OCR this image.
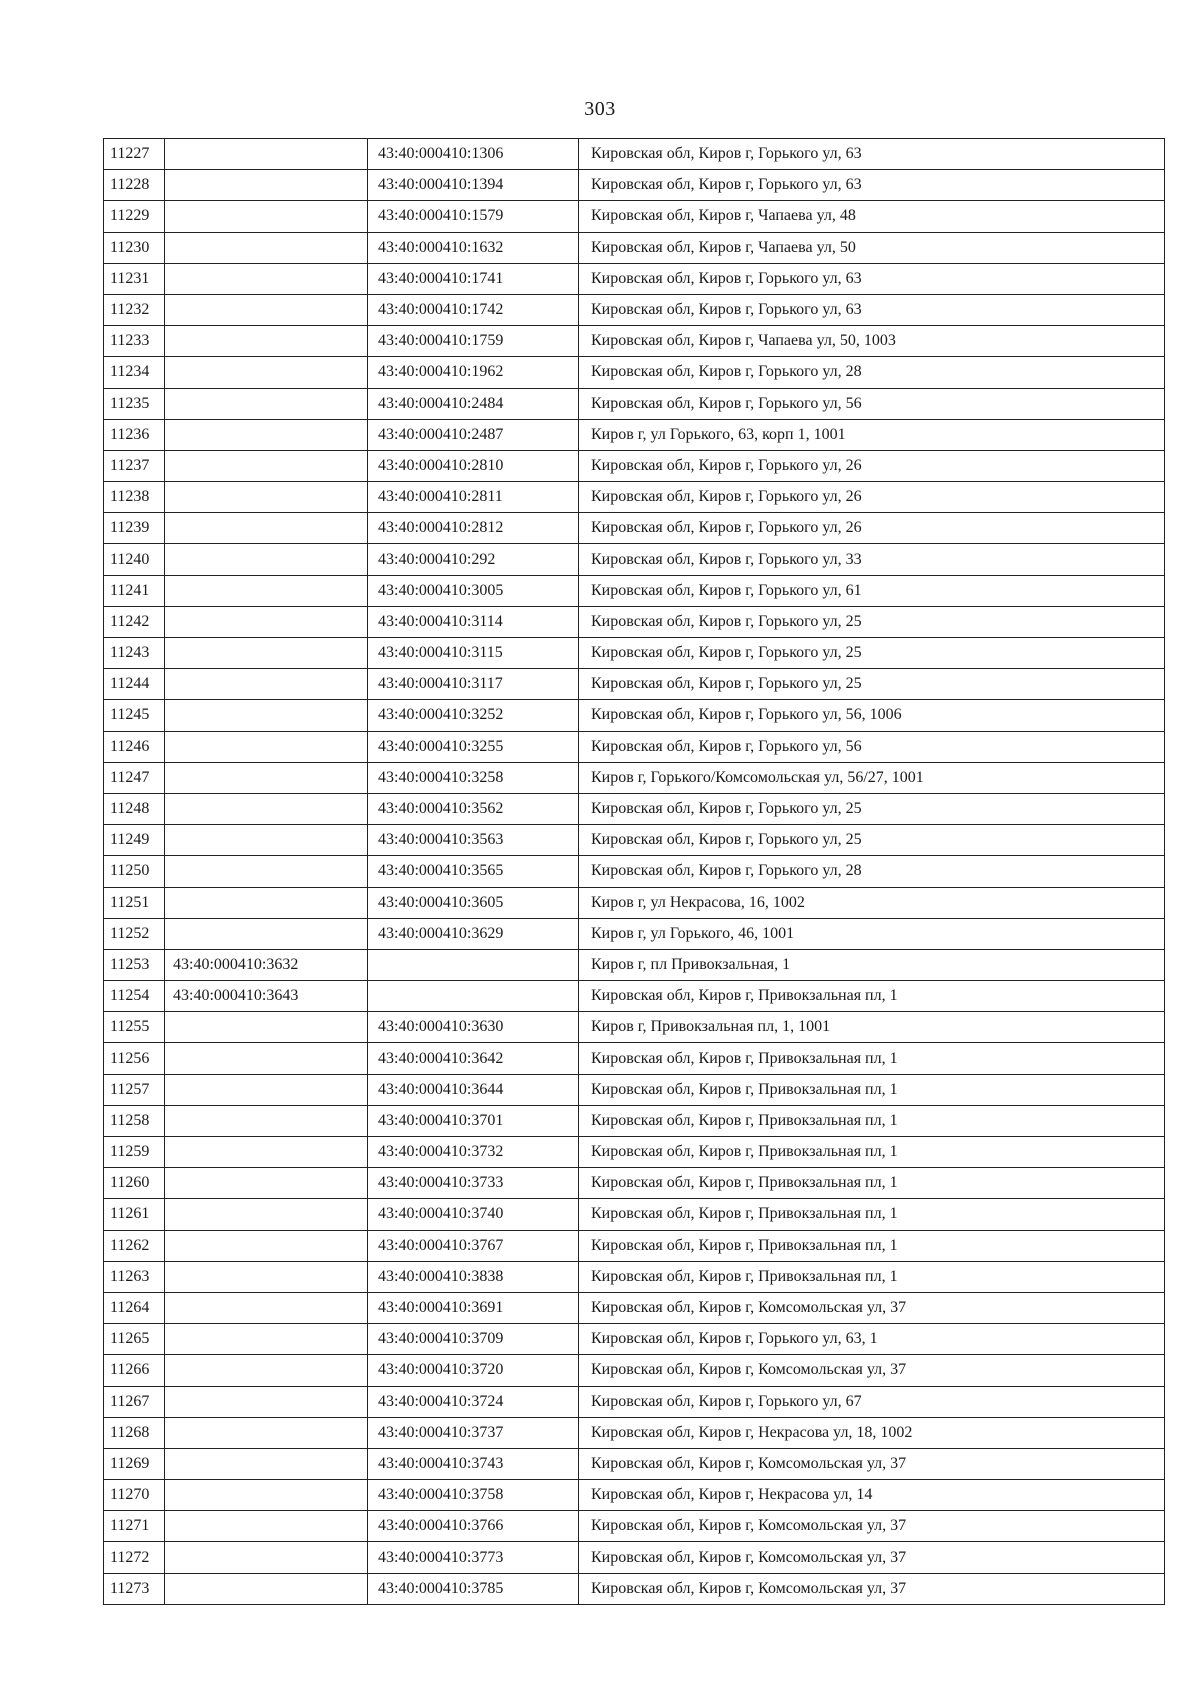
303
11227		43:40:000410:1306	Кировская обл, Киров г, Горького ул, 63
11228		43:40:000410:1394	Кировская обл, Киров г, Горького ул, 63
11229		43:40:000410:1579	Кировская обл, Киров г, Чапаева ул, 48
11230		43:40:000410:1632	Кировская обл, Киров г, Чапаева ул, 50
11231		43:40:000410:1741	Кировская обл, Киров г, Горького ул, 63
11232		43:40:000410:1742	Кировская обл, Киров г, Горького ул, 63
11233		43:40:000410:1759	Кировская обл, Киров г, Чапаева ул, 50, 1003
11234		43:40:000410:1962	Кировская обл, Киров г, Горького ул, 28
11235		43:40:000410:2484	Кировская обл, Киров г, Горького ул, 56
11236		43:40:000410:2487	Киров г, ул Горького, 63, корп 1, 1001
11237		43:40:000410:2810	Кировская обл, Киров г, Горького ул, 26
11238		43:40:000410:2811	Кировская обл, Киров г, Горького ул, 26
11239		43:40:000410:2812	Кировская обл, Киров г, Горького ул, 26
11240		43:40:000410:292	Кировская обл, Киров г, Горького ул, 33
11241		43:40:000410:3005	Кировская обл, Киров г, Горького ул, 61
11242		43:40:000410:3114	Кировская обл, Киров г, Горького ул, 25
11243		43:40:000410:3115	Кировская обл, Киров г, Горького ул, 25
11244		43:40:000410:3117	Кировская обл, Киров г, Горького ул, 25
11245		43:40:000410:3252	Кировская обл, Киров г, Горького ул, 56, 1006
11246		43:40:000410:3255	Кировская обл, Киров г, Горького ул, 56
11247		43:40:000410:3258	Киров г, Горького/Комсомольская ул, 56/27, 1001
11248		43:40:000410:3562	Кировская обл, Киров г, Горького ул, 25
11249		43:40:000410:3563	Кировская обл, Киров г, Горького ул, 25
11250		43:40:000410:3565	Кировская обл, Киров г, Горького ул, 28
11251		43:40:000410:3605	Киров г, ул Некрасова, 16, 1002
11252		43:40:000410:3629	Киров г, ул Горького, 46, 1001
11253	43:40:000410:3632		Киров г, пл Привокзальная, 1
11254	43:40:000410:3643		Кировская обл, Киров г, Привокзальная пл, 1
11255		43:40:000410:3630	Киров г, Привокзальная пл, 1, 1001
11256		43:40:000410:3642	Кировская обл, Киров г, Привокзальная пл, 1
11257		43:40:000410:3644	Кировская обл, Киров г, Привокзальная пл, 1
11258		43:40:000410:3701	Кировская обл, Киров г, Привокзальная пл, 1
11259		43:40:000410:3732	Кировская обл, Киров г, Привокзальная пл, 1
11260		43:40:000410:3733	Кировская обл, Киров г, Привокзальная пл, 1
11261		43:40:000410:3740	Кировская обл, Киров г, Привокзальная пл, 1
11262		43:40:000410:3767	Кировская обл, Киров г, Привокзальная пл, 1
11263		43:40:000410:3838	Кировская обл, Киров г, Привокзальная пл, 1
11264		43:40:000410:3691	Кировская обл, Киров г, Комсомольская ул, 37
11265		43:40:000410:3709	Кировская обл, Киров г, Горького ул, 63, 1
11266		43:40:000410:3720	Кировская обл, Киров г, Комсомольская ул, 37
11267		43:40:000410:3724	Кировская обл, Киров г, Горького ул, 67
11268		43:40:000410:3737	Кировская обл, Киров г, Некрасова ул, 18, 1002
11269		43:40:000410:3743	Кировская обл, Киров г, Комсомольская ул, 37
11270		43:40:000410:3758	Кировская обл, Киров г, Некрасова ул, 14
11271		43:40:000410:3766	Кировская обл, Киров г, Комсомольская ул, 37
11272		43:40:000410:3773	Кировская обл, Киров г, Комсомольская ул, 37
11273		43:40:000410:3785	Кировская обл, Киров г, Комсомольская ул, 37
